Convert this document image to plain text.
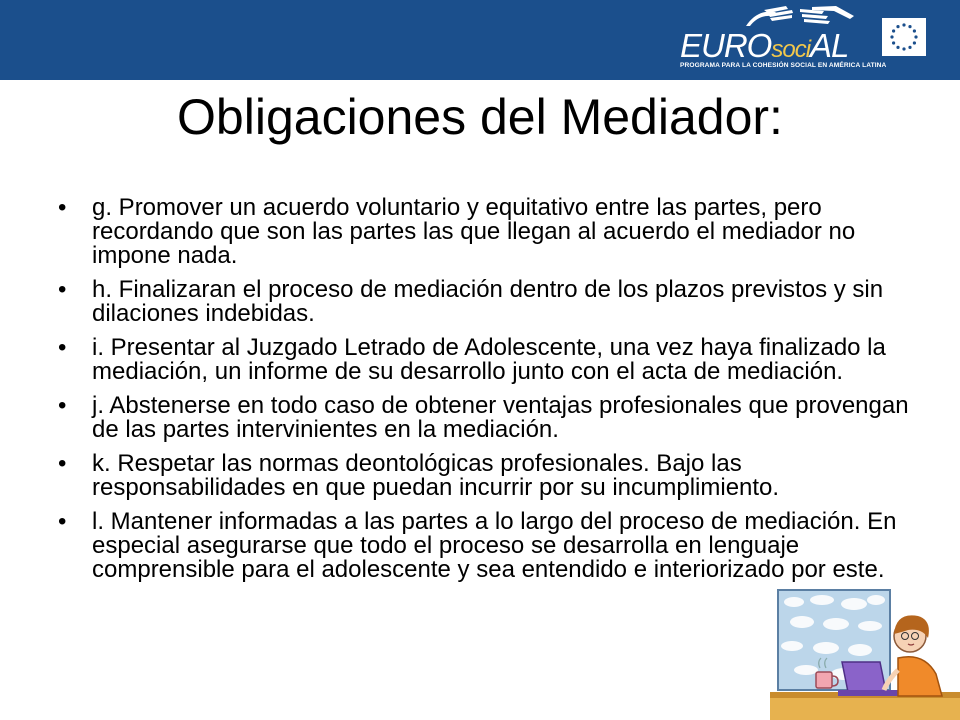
EUROsociAL
PROGRAMA PARA LA COHESIÓN SOCIAL EN AMÉRICA LATINA
Obligaciones del Mediador:
• g. Promover un acuerdo voluntario y equitativo entre las partes, pero recordando que son las partes las que llegan al acuerdo el mediador no impone nada.
• h. Finalizaran el proceso de mediación dentro de los plazos previstos y sin dilaciones indebidas.
• i. Presentar al Juzgado Letrado de Adolescente, una vez haya finalizado la mediación, un informe de su desarrollo junto con el acta de mediación.
• j. Abstenerse en todo caso de obtener ventajas profesionales que provengan de las partes intervinientes en la mediación.
• k. Respetar las normas deontológicas profesionales. Bajo las responsabilidades en que puedan incurrir por su incumplimiento.
• l. Mantener informadas a las partes a lo largo del proceso de mediación. En especial asegurarse que todo el proceso se desarrolla en lenguaje comprensible para el adolescente y sea entendido e interiorizado por este.
